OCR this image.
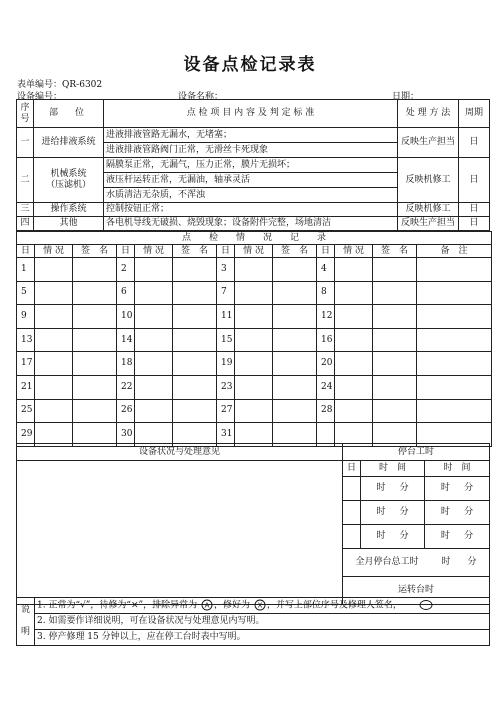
设备点检记录表
表单编号：QR-6302
设备编号：	设备名称：	日期：
序
号	部　位	点 检 项 目 内 容 及 判 定 标 准	处 理 方 法	周期
一	进给排液系统	进液排液管路无漏水，无堵塞；	反映生产担当	日
		进液排液管路阀门正常，无滑丝卡死现象		
二	机械系统
（压滤机）	隔膜泵正常，无漏气，压力正常，膜片无损坏；	反映机修工	日
		液压杆运转正常，无漏油，轴承灵活		
		水质清洁无杂质，不浑浊		
三	操作系统	控制按钮正常；	反映机修工	日
四	其他	各电机导线无破损、烧毁现象；设备附件完整，场地清洁	反映生产担当	日
点　　检　　情　　况　　记　　录												
日	情 况	签　名	日	情 况	签　名	日	情 况	签　名	日	情 况	签　名	备　注
1			2			3			4			
5			6			7			8			
9			10			11			12			
13			14			15			16			
17			18			19			20			
21			22			23			24			
25			26			27			28			
29			30			31						
设备状况与处理意见	停台工时		
	日	时　间	时　间
		时 分	时 分
		时 分	时 分
		时 分	时 分
	全月停台总工时 时 分		
	运转台时		
说

明	1. 正常为“√”，待修为“×”，排除异常为 A ，修好为 X ，并写上部位序号及修理人签名，
2. 如需要作详细说明，可在设备状况与处理意见内写明。
3. 停产修理 15 分钟以上，应在停工台时表中写明。
